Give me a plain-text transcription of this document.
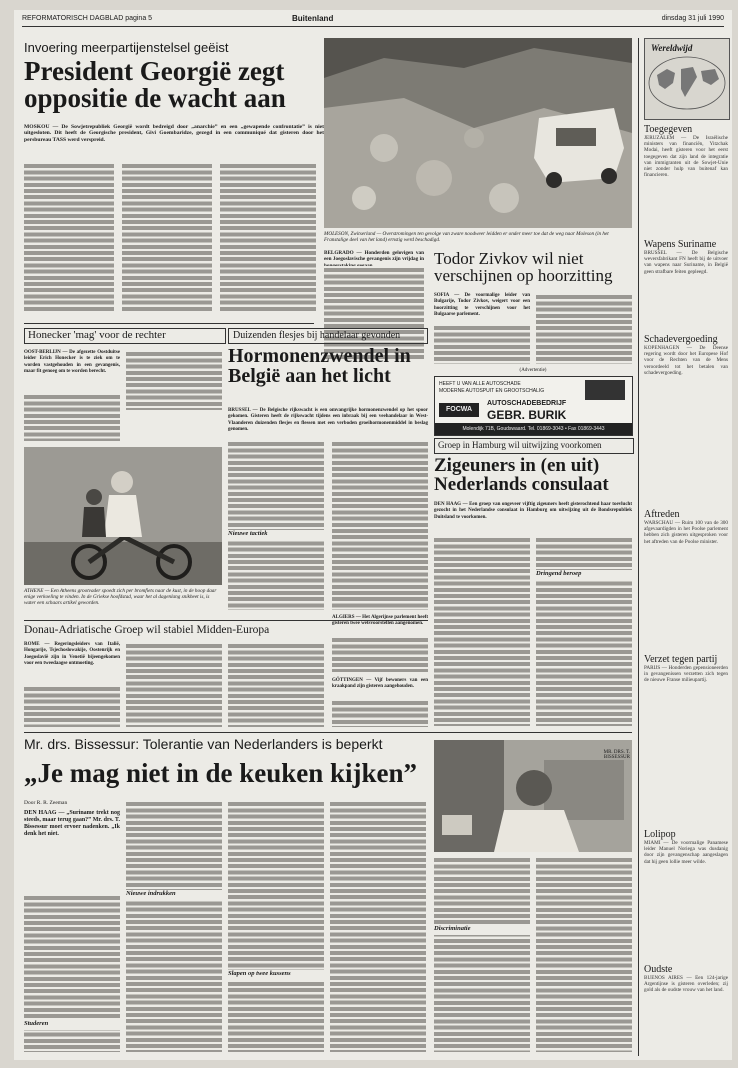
REFORMATORISCH DAGBLAD pagina 5	Buitenland	dinsdag 31 juli 1990
Invoering meerpartijenstelsel geëist
President Georgië zegt oppositie de wacht aan
MOSKOU — De Sowjetrepubliek Georgië wordt bedreigd door „anarchie” en een „gewapende confrontatie” is niet uitgesloten. Dit heeft de Georgische president, Givi Goembaridze, gezegd in een communiqué dat gisteren door het persbureau TASS werd verspreid.
MOLESON, Zwitserland — Overstromingen ten gevolge van zware noodweer leidden er onder meer toe dat de weg naar Moleson (in het Franstalige deel van het land) ernstig werd beschadigd.
BELGRADO — Honderden gelovigen van een Joegoslavische gevangenis zijn vrijdag in Todor Zivkov wil niet verschijnen op hoorzitting
SOFIA — De voormalige leider van Bulgarije, Todor Zivkov, weigert voor een hoorzitting te verschijnen voor het Bulgaarse parlement.
(Advertentie)
HEEFT U VAN ALLE AUTOSCHADE
MODERNE AUTOSPUIT EN GROOTSCHALIG
FOCWA
AUTOSCHADEBEDRIJF
GEBR. BURIK
Molendijk 71B, Goudswaard. Tel. 01869-3043 • Fax 01869-3443
Honecker 'mag' voor de rechter
OOST-BERLIJN — De afgezette Oostduitse leider Erich Honecker is te ziek om te worden vastgehouden in een gevangenis, maar fit genoeg om te worden berecht.
Duizenden flesjes bij handelaar gevonden
Hormonenzwendel in België aan het licht
BRUSSEL — De Belgische rijkswacht is een omvangrijke hormonenzwendel op het spoor gekomen. Gisteren heeft de rijkswacht tijdens een inbraak bij een veehandelaar in West-Vlaanderen duizenden flesjes en flessen met een verboden groeihormonenmiddel in beslag genomen.
Nieuwe tactiek
ATHENE — Een Atheens grootvader spoedt zich per bromfiets naar de kust, in de hoop daar enige verkoeling te vinden. In de Griekse hoofdstad, waar het al dagenlang snikheet is, is water een schaars artikel geworden.
Donau-Adriatische Groep wil stabiel Midden-Europa
ROME — Regeringsleiders van Italië, Hongarije, Tsjechoslowakije, Oostenrijk en Joegoslavië zijn in Venetië bijeengekomen voor een tweedaagse ontmoeting.
ALGIERS — Het Algerijnse parlement heeft gisteren twee wetsvoorstellen aangenomen.
GÖTTINGEN — Vijf bewoners van een kraakpand zijn gisteren aangehouden.
Groep in Hamburg wil uitwijzing voorkomen
Zigeuners in (en uit) Nederlands consulaat
DEN HAAG — Een groep van ongeveer vijftig zigeuners heeft gisterochtend haar toevlucht gezocht in het Nederlandse consulaat in Hamburg om uitwijzing uit de Bondsrepubliek Duitsland te voorkomen.
Dringend beroep
Mr. drs. Bissessur: Tolerantie van Nederlanders is beperkt
„Je mag niet in de keuken kijken”
Door R. R. Zeeman
DEN HAAG — „Suriname trekt nog steeds, maar terug gaan?” Mr. drs. T. Bissessur moet ervoer nadenken. „Ik denk het niet.
Studeren
Nieuwe indrukken
Slapen op twee kussens
MR. DRS. T. BISSESSUR
Discriminatie
Wereldwijd
Toegegeven
JERUZALEM — De Israëlische ministers van financiën, Yitzchak Modai, heeft gisteren voor het eerst toegegeven dat zijn land de integratie van immigranten uit de Sowjet-Unie niet zonder hulp van buitenaf kan financieren.
Wapens Suriname
BRUSSEL — De Belgische weversfabrikant FN heeft bij de uitvoer van wapens naar Suriname, in België geen strafbare feiten gepleegd.
Schadevergoeding
KOPENHAGEN — De Deense regering wordt door het Europese Hof voor de Rechten van de Mens veroordeeld tot het betalen van schadevergoeding.
Aftreden
WARSCHAU — Ruim 100 van de 300 afgevaardigden in het Poolse parlement hebben zich gisteren uitgesproken voor het aftreden van de Poolse minister.
Verzet tegen partij
PARIJS — Honderden gepensioneerden in gevangenissen verzetten zich tegen de nieuwe Franse milieupartij.
Lolipop
MIAMI — De voormalige Panamese leider Manuel Noriega was dusdanig door zijn gevangenschap aangeslagen dat hij geen lollie meer wilde.
Oudste
BUENOS AIRES — Een 124-jarige Argentijnse is gisteren overleden; zij gold als de oudste vrouw van het land.
